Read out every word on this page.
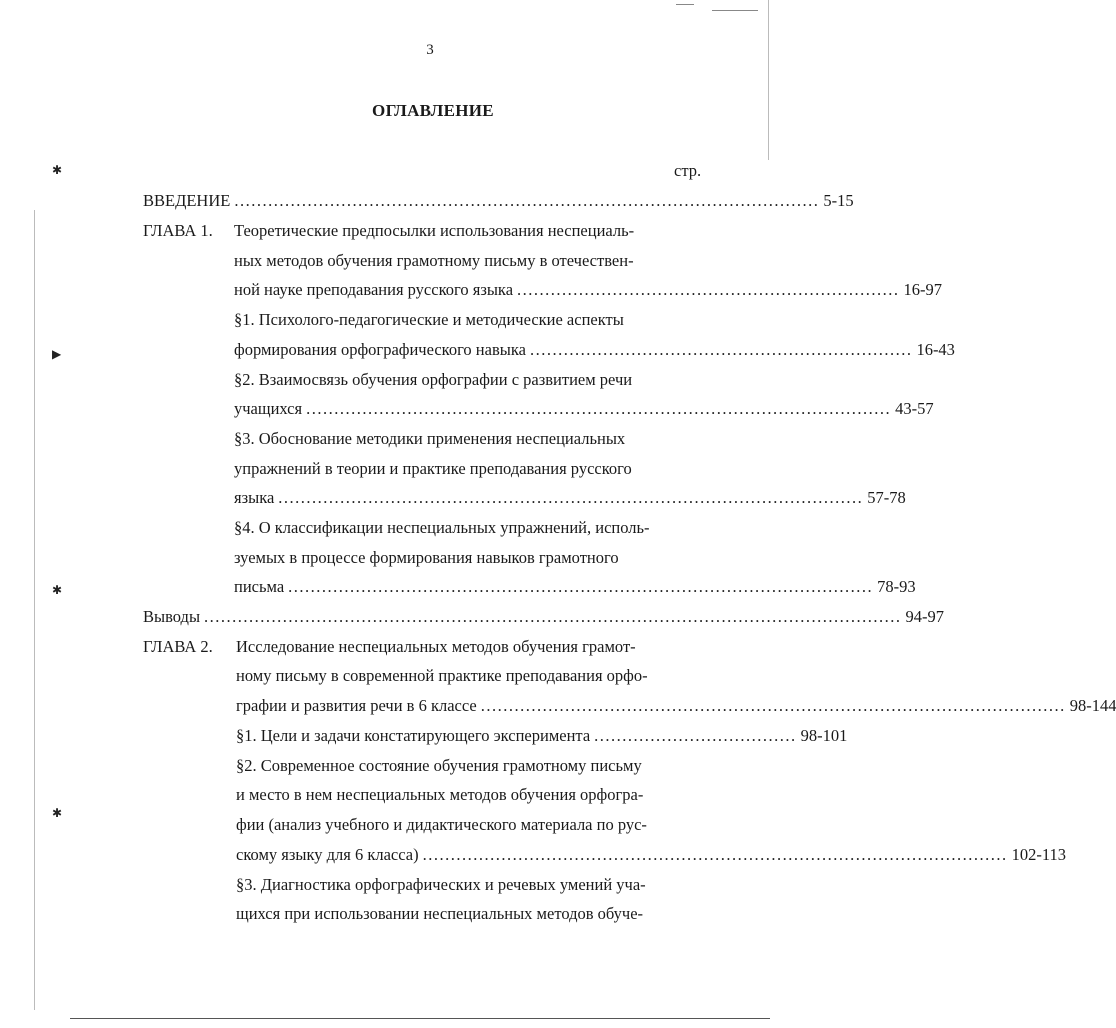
✱
▶
✱
✱
3
ОГЛАВЛЕНИЕ
стр.
ВВЕДЕНИЕ ........................................................................................................ 5-15
ГЛАВА 1. Теоретические предпосылки использования неспециаль-
ных методов обучения грамотному письму в отечествен-
ной науке преподавания русского языка .................................................................... 16-97
§1. Психолого-педагогические и методические аспекты
формирования орфографического навыка .................................................................... 16-43
§2. Взаимосвязь обучения орфографии с развитием речи
учащихся ........................................................................................................ 43-57
§3. Обоснование методики применения неспециальных
упражнений в теории и практике преподавания русского
языка ........................................................................................................ 57-78
§4. О классификации неспециальных упражнений, исполь-
зуемых в процессе формирования навыков грамотного
письма ........................................................................................................ 78-93
Выводы ............................................................................................................................ 94-97
ГЛАВА 2. Исследование неспециальных методов обучения грамот-
ному письму в современной практике преподавания орфо-
графии и развития речи в 6 классе ........................................................................................................ 98-144
§1. Цели и задачи констатирующего эксперимента .................................... 98-101
§2. Современное состояние обучения грамотному письму
и место в нем неспециальных методов обучения орфогра-
фии (анализ учебного и дидактического материала по рус-
скому языку для 6 класса) ........................................................................................................ 102-113
§3. Диагностика орфографических и речевых умений уча-
щихся при использовании неспециальных методов обуче-
